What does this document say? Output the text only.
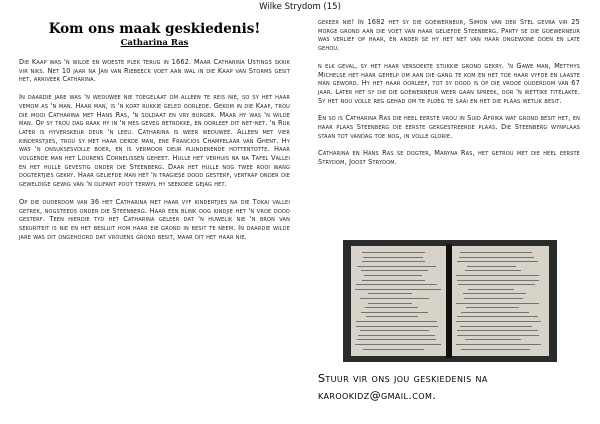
Wilke Strydom (15)
Kom ons maak geskiedenis!
Catharina Ras

Die Kaap was 'n wilde en woeste plek terug in 1662. Maar Catharina Ustings skrik vir niks. Net 10 jaar na Jan van Riebeeck voet aan wal in die Kaap van Storms gesit het, arriveer Catharina.

In daardie jare was 'n weduwee nie toegelaat om alleen te reis nie, so sy het haar vemom as 'n man. Haar man, is 'n kort rukkie geled oorlede. Gekom in die Kaap, trou die mooi Catharina met Hans Ras, 'n soldaat en vry burger. Maar hy was 'n wilde man. Op sy trou dag raak hy in 'n mes geveg betrokke, en oorleef dit net-net. 'n Ruk later is hyverskeur deur 'n leeu. Catharina is weer weduwee. Alleen met vier kinderstjies, trou sy met haar derde man, ene Francios Champelaar van Ghent. Hy was 'n onsuksesvolle boer, en is vermoor deur plunderende hottentotte. Haar volgende man het Lourens Cornelissen geheet. Hulle het verhuis na na Tafel Vallei en het hulle gevestig onder die Steenberg. Daar het hulle nog twee rooi wang dogtertjies gekry. Haar geliefde man het 'n tragiese dood gesterf, vertrap onder die geweldige gewig van 'n olifant poot terwyl hy seekoeie gejag het.

Op die ouderdom van 36 het Catharina met haar vyf kindertjies na die Tokai vallei getrek, nogsteeds onder die Steenberg. Haar een blink oog kindjie het 'n vroe dood gesterf. Teen hierdie tyd het Catharina geleer dat 'n huwelik nie 'n bron van sekuriteit is nie en het besluit hom haar eie grond in besit te neem. In daardie wilde jare was dit ongehoord dat vrouens grond besit, maar dit het haar nie.

gekeer nie! In 1682 het sy die goewerneur, Simon van der Stel gevra vir 25 morge grond aan die voet van haar geliefde Steenberg. Party se die goewerneur was verlief op haar, en ander se hy het net van haar ongewone doen en late gehou.

n elk geval, sy het haar versoekte stukkie grond gekry. 'n Gawe man, Metthys Michelse het haar gehelp om aan die gang te kom en het toe haar vyfde en laaste man geword. Hy het haar oorleef, tot sy dood is op die vrooe ouderdom van 67 jaar. Later het sy die die goewerneur weer gaan spreek, oor 'n wettike titelakte. Sy het nou volle reg gehad om te ploeg te saai en het die plaas wetlik besit.

En so is Catharina Ras die heel eerste vrou in Suid Afrika wat grond besit het, en haar plaas Steenberg die eerste gergestreerde plaas. Die Steenberg wynplaas staan tot vandag toe nog, in volle glorie.

Catharina en Hans Ras se dogter, Maryna Ras, het getrou met die heel eerste Strydom, Joost Strydom.

Stuur vir ons jou geskiedenis na
karookidz@gmail.com.
